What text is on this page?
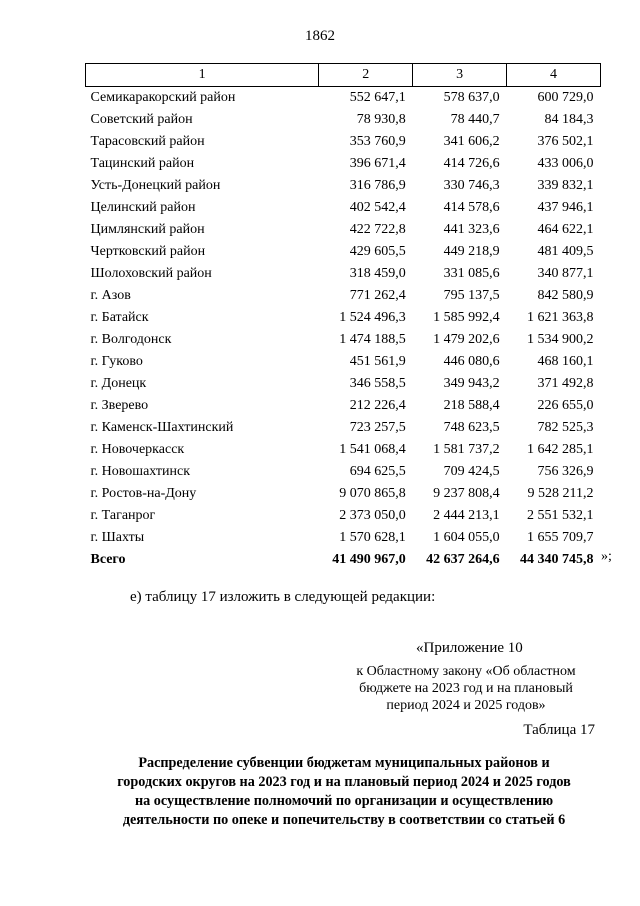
1862
1	2	3	4
Семикаракорский район	552 647,1	578 637,0	600 729,0
Советский район	78 930,8	78 440,7	84 184,3
Тарасовский район	353 760,9	341 606,2	376 502,1
Тацинский район	396 671,4	414 726,6	433 006,0
Усть-Донецкий район	316 786,9	330 746,3	339 832,1
Целинский район	402 542,4	414 578,6	437 946,1
Цимлянский район	422 722,8	441 323,6	464 622,1
Чертковский район	429 605,5	449 218,9	481 409,5
Шолоховский район	318 459,0	331 085,6	340 877,1
г. Азов	771 262,4	795 137,5	842 580,9
г. Батайск	1 524 496,3	1 585 992,4	1 621 363,8
г. Волгодонск	1 474 188,5	1 479 202,6	1 534 900,2
г. Гуково	451 561,9	446 080,6	468 160,1
г. Донецк	346 558,5	349 943,2	371 492,8
г. Зверево	212 226,4	218 588,4	226 655,0
г. Каменск-Шахтинский	723 257,5	748 623,5	782 525,3
г. Новочеркасск	1 541 068,4	1 581 737,2	1 642 285,1
г. Новошахтинск	694 625,5	709 424,5	756 326,9
г. Ростов-на-Дону	9 070 865,8	9 237 808,4	9 528 211,2
г. Таганрог	2 373 050,0	2 444 213,1	2 551 532,1
г. Шахты	1 570 628,1	1 604 055,0	1 655 709,7
Всего	41 490 967,0	42 637 264,6	44 340 745,8 »;
е) таблицу 17 изложить в следующей редакции:
«Приложение 10
к Областному закону «Об областном
бюджете на 2023 год и на плановый
период 2024 и 2025 годов»
Таблица 17
Распределение субвенции бюджетам муниципальных районов и
городских округов на 2023 год и на плановый период 2024 и 2025 годов
на осуществление полномочий по организации и осуществлению
деятельности по опеке и попечительству в соответствии со статьей 6
